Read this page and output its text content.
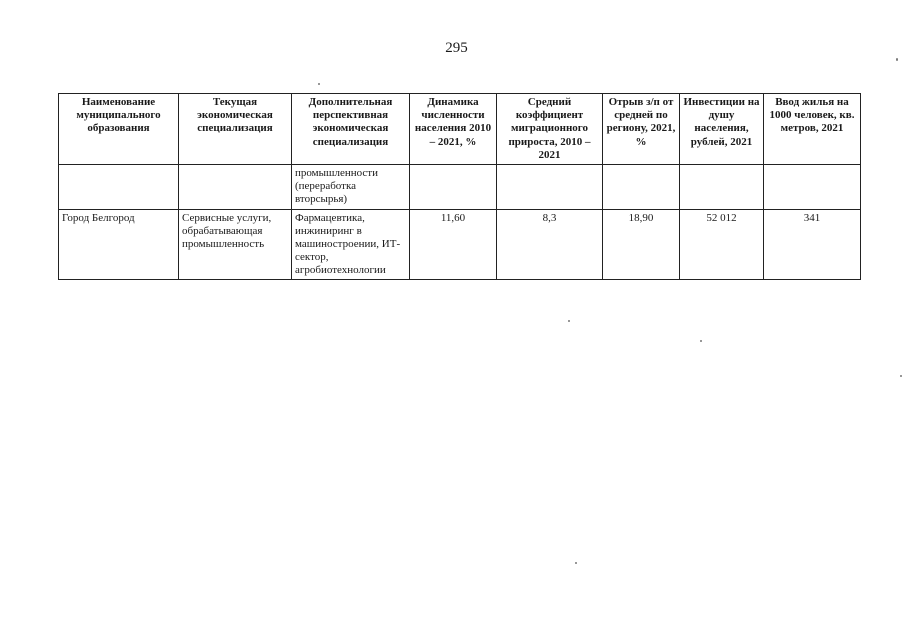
295
Наименование муниципального образования	Текущая экономическая специализация	Дополнительная перспективная экономическая специализация	Динамика численности населения 2010 – 2021, %	Средний коэффициент миграционного прироста, 2010 – 2021	Отрыв з/п от средней по региону, 2021, %	Инвестиции на душу населения, рублей, 2021	Ввод жилья на 1000 человек, кв. метров, 2021
		промышленности (переработка вторсырья)					
Город Белгород	Сервисные услуги, обрабатывающая промышленность	Фармацевтика, инжиниринг в машиностроении, ИТ-сектор, агробиотехнологии	11,60	8,3	18,90	52 012	341
